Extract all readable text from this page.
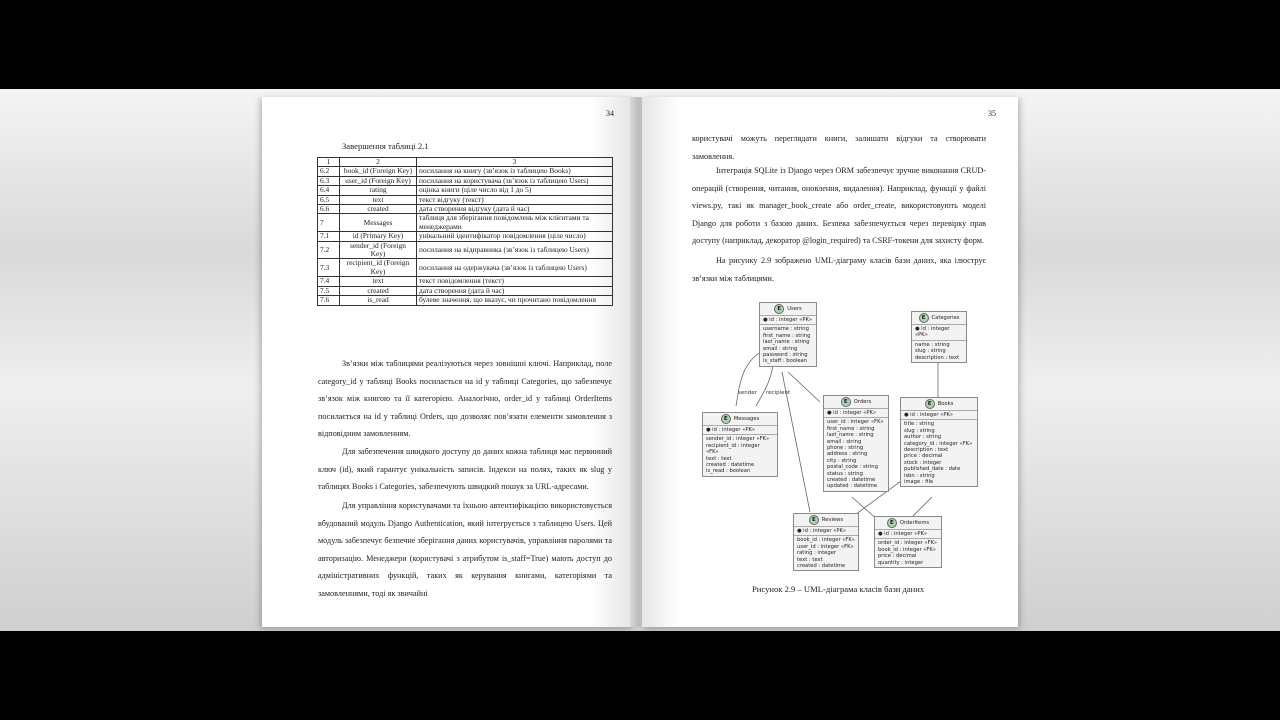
34
Завершення таблиці 2.1
1	2	3
6.2	book_id (Foreign Key)	посилання на книгу (зв’язок із таблицею Books)
6.3	user_id (Foreign Key)	посилання на користувача (зв’язок із таблицею Users)
6.4	rating	оцінка книги (ціле число від 1 до 5)
6.5	text	текст відгуку (текст)
6.6	created	дата створення відгуку (дата й час)
7	Messages	таблиця для зберігання повідомлень між клієнтами та менеджерами
7.1	id (Primary Key)	унікальний ідентифікатор повідомлення (ціле число)
7.2	sender_id (Foreign Key)	посилання на відправника (зв’язок із таблицею Users)
7.3	recipient_id (Foreign Key)	посилання на одержувача (зв’язок із таблицею Users)
7.4	text	текст повідомлення (текст)
7.5	created	дата створення (дата й час)
7.6	is_read	булеве значення, що вказує, чи прочитано повідомлення
Зв’язки між таблицями реалізуються через зовнішні ключі. Наприклад, поле category_id у таблиці Books посилається на id у таблиці Categories, що забезпечує зв’язок між книгою та її категорією. Аналогічно, order_id у таблиці OrderItems посилається на id у таблиці Orders, що дозволяє пов’язати елементи замовлення з відповідним замовленням.
Для забезпечення швидкого доступу до даних кожна таблиця має первинний ключ (id), який гарантує унікальність записів. Індекси на полях, таких як slug у таблицях Books і Categories, забезпечують швидкий пошук за URL-адресами.
Для управління користувачами та їхньою автентифікацією використовується вбудований модуль Django Authentication, який інтегрується з таблицею Users. Цей модуль забезпечує безпечне зберігання даних користувачів, управління паролями та авторизацію. Менеджери (користувачі з атрибутом is_staff=True) мають доступ до адміністративних функцій, таких як керування книгами, категоріями та замовленнями, тоді як звичайні
35
користувачі можуть переглядати книги, залишати відгуки та створювати замовлення.
Інтеграція SQLite із Django через ORM забезпечує зручне виконання CRUD-операцій (створення, читання, оновлення, видалення). Наприклад, функції у файлі views.py, такі як manager_book_create або order_create, використовують моделі Django для роботи з базою даних. Безпека забезпечується через перевірку прав доступу (наприклад, декоратор @login_required) та CSRF-токени для захисту форм.
На рисунку 2.9 зображено UML-діаграму класів бази даних, яка ілюструє зв’язки між таблицями.
sender recipient
E	Users
● id : integer «PK»
username : string
first_name : string
last_name : string
email : string
password : string
is_staff : boolean
E	Categories
● id : integer «PK»
name : string
slug : string
description : text
E	Messages
● id : integer «PK»
sender_id : integer «FK»
recipient_id : integer «FK»
text : text
created : datetime
is_read : boolean
E	Orders
● id : integer «PK»
user_id : integer «FK»
first_name : string
last_name : string
email : string
phone : string
address : string
city : string
postal_code : string
status : string
created : datetime
updated : datetime
E	Books
● id : integer «PK»
title : string
slug : string
author : string
category_id : integer «FK»
description : text
price : decimal
stock : integer
published_date : date
isbn : string
image : file
E	Reviews
● id : integer «PK»
book_id : integer «FK»
user_id : integer «FK»
rating : integer
text : text
created : datetime
E	OrderItems
● id : integer «PK»
order_id : integer «FK»
book_id : integer «FK»
price : decimal
quantity : integer
Рисунок 2.9 – UML-діаграма класів бази даних
